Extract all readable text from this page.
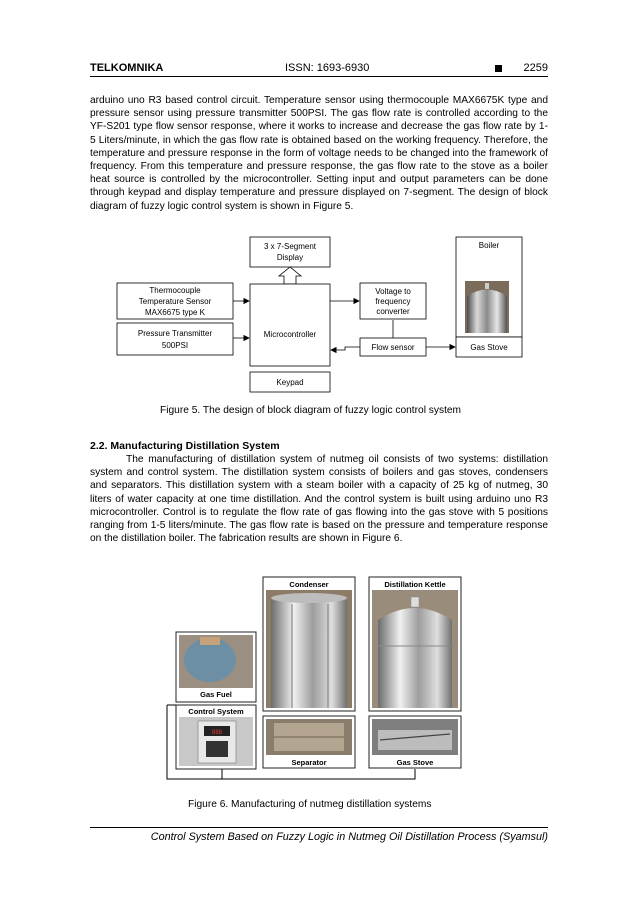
TELKOMNIKA	ISSN: 1693-6930	2259

arduino uno R3 based control circuit. Temperature sensor using thermocouple MAX6675K type and pressure sensor using pressure transmitter 500PSI. The gas flow rate is controlled according to the YF-S201 type flow sensor response, where it works to increase and decrease the gas flow rate by 1-5 Liters/minute, in which the gas flow rate is obtained based on the working frequency. Therefore, the temperature and pressure response in the form of voltage needs to be changed into the framework of frequency. From this temperature and pressure response, the gas flow rate to the stove as a boiler heat source is controlled by the microcontroller. Setting input and output parameters can be done through keypad and display temperature and pressure displayed on 7-segment. The design of block diagram of fuzzy logic control system is shown in Figure 5.

3 x 7-Segment
Display
Thermocouple
Temperature Sensor
MAX6675 type K
Pressure Transmitter
500PSI
Microcontroller
Keypad
Voltage to
frequency
converter
Flow sensor
Boiler
Gas Stove
Figure 5. The design of block diagram of fuzzy logic control system
2.2. Manufacturing Distillation System

The manufacturing of distillation system of nutmeg oil consists of two systems: distillation system and control system. The distillation system consists of boilers and gas stoves, condensers and separators. This distillation system with a steam boiler with a capacity of 25 kg of nutmeg, 30 liters of water capacity at one time distillation. And the control system is built using arduino uno R3 microcontroller. Control is to regulate the flow rate of gas flowing into the gas stove with 5 positions ranging from 1-5 liters/minute. The gas flow rate is based on the pressure and temperature response on the distillation boiler. The fabrication results are shown in Figure 6.

Condenser	Distillation Kettle
Gas Fuel
Control System
888
Separator	Gas Stove
Figure 6. Manufacturing of nutmeg distillation systems
Control System Based on Fuzzy Logic in Nutmeg Oil Distillation Process (Syamsul)
